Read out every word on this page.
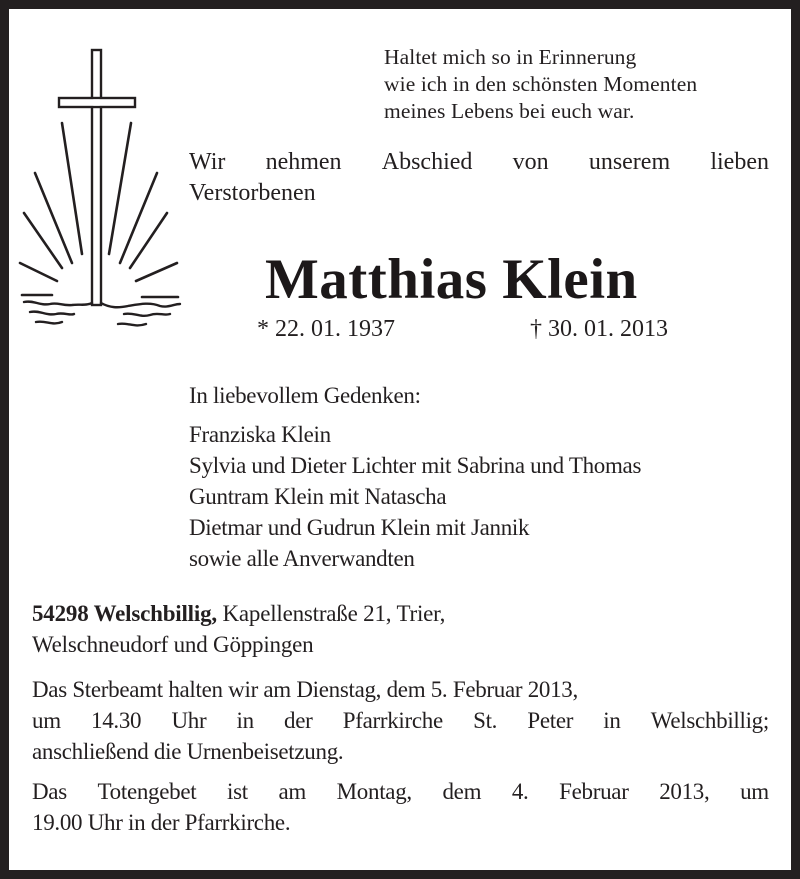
Haltet mich so in Erinnerung
wie ich in den schönsten Momenten
meines Lebens bei euch war.
Wir nehmen Abschied von unserem lieben
Verstorbenen
Matthias Klein
* 22. 01. 1937	† 30. 01. 2013
In liebevollem Gedenken:
Franziska Klein
Sylvia und Dieter Lichter mit Sabrina und Thomas
Guntram Klein mit Natascha
Dietmar und Gudrun Klein mit Jannik
sowie alle Anverwandten
54298 Welschbillig, Kapellenstraße 21, Trier,
Welschneudorf und Göppingen
Das Sterbeamt halten wir am Dienstag, dem 5. Februar 2013,
um 14.30 Uhr in der Pfarrkirche St. Peter in Welschbillig;
anschließend die Urnenbeisetzung.
Das Totengebet ist am Montag, dem 4. Februar 2013, um
19.00 Uhr in der Pfarrkirche.
